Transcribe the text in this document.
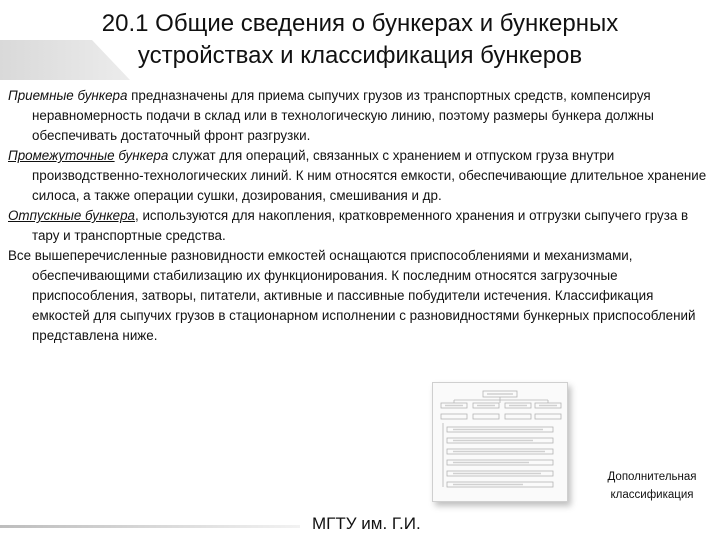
20.1 Общие сведения о бункерах и бункерных устройствах и классификация бункеров

Приемные бункера предназначены для приема сыпучих грузов из транспортных средств, компенсируя неравномерность подачи в склад или в технологическую линию, поэтому размеры бункера должны обеспечивать достаточный фронт разгрузки.

Промежуточные бункера служат для операций, связанных с хранением и отпуском груза внутри производственно-технологических линий. К ним относятся емкости, обеспечивающие длительное хранение силоса, а также операции сушки, дозирования, смешивания и др.

Отпускные бункера, используются для накопления, кратковременного хранения и отгрузки сыпучего груза в тару и транспортные средства.

Все вышеперечисленные разновидности емкостей оснащаются приспособлениями и механизмами, обеспечивающими стабилизацию их функционирования. К последним относятся загрузочные приспособления, затворы, питатели, активные и пассивные побудители истечения. Классификация емкостей для сыпучих грузов в стационарном исполнении с разновидностями бункерных приспособлений представлена ниже.

Дополнительная классификация
МГТУ им. Г.И.
